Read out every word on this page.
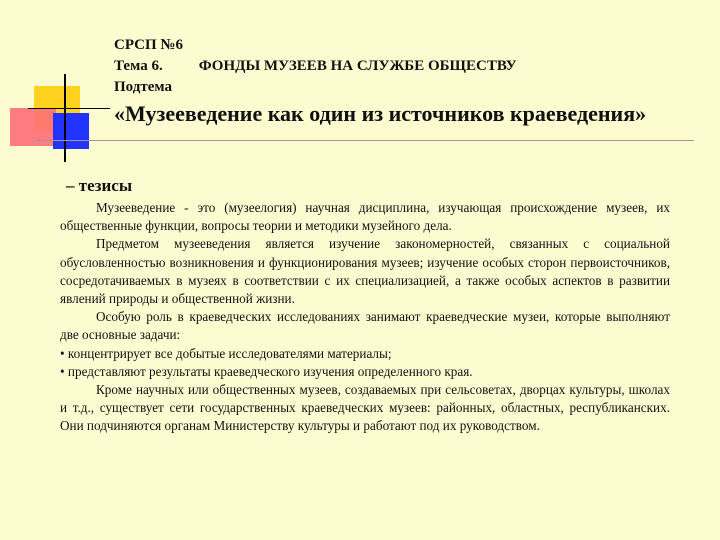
СРСП №6
Тема 6. ФОНДЫ МУЗЕЕВ НА СЛУЖБЕ ОБЩЕСТВУ
Подтема
«Музееведение как один из источников краеведения»
– тезисы

Музееведение - это (музеелогия) научная дисциплина, изучающая происхождение музеев, их общественные функции, вопросы теории и методики музейного дела.

Предметом музееведения является изучение закономерностей, связанных с социальной обусловленностью возникновения и функционирования музеев; изучение особых сторон первоисточников, сосредотачиваемых в музеях в соответствии с их специализацией, а также особых аспектов в развитии явлений природы и общественной жизни.

Особую роль в краеведческих исследованиях занимают краеведческие музеи, которые выполняют две основные задачи:

• концентрирует все добытые исследователями материалы;

• представляют результаты краеведческого изучения определенного края.

Кроме научных или общественных музеев, создаваемых при сельсоветах, дворцах культуры, школах и т.д., существует сети государственных краеведческих музеев: районных, областных, республиканских. Они подчиняются органам Министерству культуры и работают под их руководством.
